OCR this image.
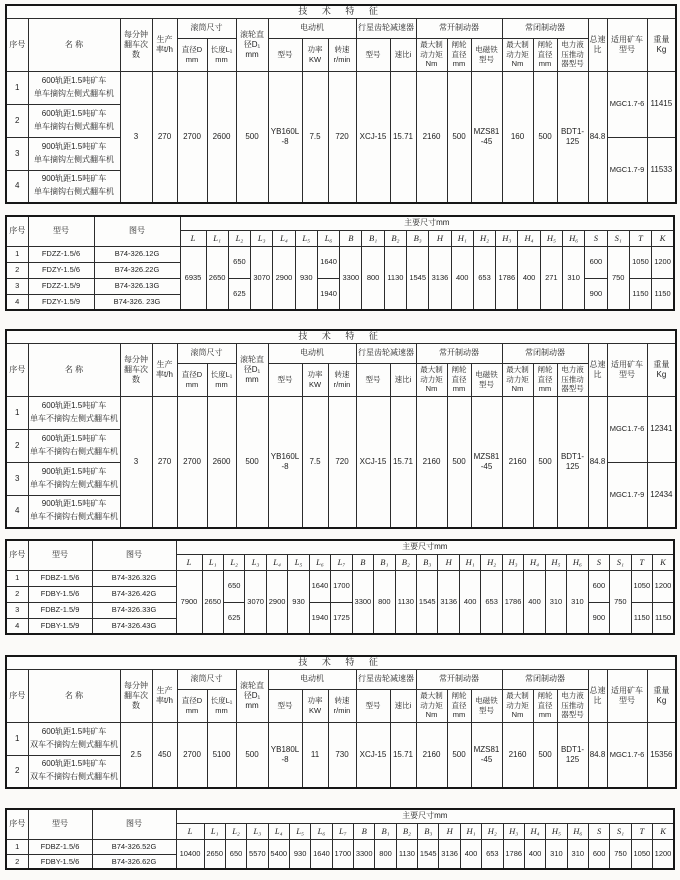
技 术 特 征																				
序号	名 称	每分钟翻车次数	生产率t/h	滚筒尺寸		滚轮直径D₁ mm	电动机			行星齿轮减速器		常开制动器			常闭制动器			总速比	适用矿车型号	重量Kg
				直径D mm	长度L₁ mm		型号	功率KW	转速r/min	型号	速比i	最大制动力矩Nm	闸轮直径mm	电磁铁型号	最大制动力矩Nm	闸轮直径mm	电力液压推动器型号			
1	600轨距1.5吨矿车
单车摘钩左侧式翻车机	3	270	2700	2600	500	YB160L-8	7.5	720	XCJ-15	15.71	2160	500	MZS81-45	160	500	BDT1-125	84.8	MGC1.7-6	11415
2	600轨距1.5吨矿车
单车摘钩右侧式翻车机																			

3	900轨距1.5吨矿车
单车摘钩左侧式翻车机																		MGC1.7-9	11533
4	900轨距1.5吨矿车
单车摘钩右侧式翻车机																			
序号	型号	图号	主要尺寸mm																					
			L	L₁	L₂	L₃	L₄	L₅	L₆	B	B₁	B₂	B₃	H	H₁	H₂	H₃	H₄	H₅	H₆	S	S₁	T	K
1	FDZZ-1.5/6	B74-326.12G	6935	2650	650	3070	2900	930	1640	3300	800	1130	1545	3136	400	653	1786	400	271	310	600	750	1050	1200
2	FDZY-1.5/6	B74-326.22G																						
3	FDZZ-1.5/9	B74-326.13G			625				1940												900		1150	1150
4	FDZY-1.5/9	B74-326. 23G																						
技 术 特 征																				
序号	名 称	每分钟翻车次数	生产率t/h	滚筒尺寸		滚轮直径D₁ mm	电动机			行星齿轮减速器		常开制动器			常闭制动器			总速比	适用矿车型号	重量Kg
				直径D mm	长度L₁ mm		型号	功率KW	转速r/min	型号	速比i	最大制动力矩Nm	闸轮直径mm	电磁铁型号	最大制动力矩Nm	闸轮直径mm	电力液压推动器型号			
1	600轨距1.5吨矿车
单车不摘钩左侧式翻车机	3	270	2700	2600	500	YB160L-8	7.5	720	XCJ-15	15.71	2160	500	MZS81-45	2160	500	BDT1-125	84.8	MGC1.7-6	12341
2	600轨距1.5吨矿车
单车不摘钩右侧式翻车机																			

3	900轨距1.5吨矿车
单车不摘钩左侧式翻车机																		MGC1.7-9	12434
4	900轨距1.5吨矿车
单车不摘钩右侧式翻车机																			
序号	型号	图号	主要尺寸mm																						
			L	L₁	L₂	L₃	L₄	L₅	L₆	L₇	B	B₁	B₂	B₃	H	H₁	H₂	H₃	H₄	H₅	H₆	S	S₁	T	K
1	FDBZ-1.5/6	B74-326.32G	7900	2650	650	3070	2900	930	1640	1700	3300	800	1130	1545	3136	400	653	1786	400	310	310	600	750	1050	1200
2	FDBY-1.5/6	B74-326.42G																							
3	FDBZ-1.5/9	B74-326.33G			625				1940	1725												900		1150	1150
4	FDBY-1.5/9	B74-326.43G																							
技 术 特 征																				
序号	名 称	每分钟翻车次数	生产率t/h	滚筒尺寸		滚轮直径D₁ mm	电动机			行星齿轮减速器		常开制动器			常闭制动器			总速比	适用矿车型号	重量Kg
				直径D mm	长度L₁ mm		型号	功率KW	转速r/min	型号	速比i	最大制动力矩Nm	闸轮直径mm	电磁铁型号	最大制动力矩Nm	闸轮直径mm	电力液压推动器型号			
1	600轨距1.5吨矿车
双车不摘钩左侧式翻车机	2.5	450	2700	5100	500	YB180L-8	11	730	XCJ-15	15.71	2160	500	MZS81-45	2160	500	BDT1-125	84.8	MGC1.7-6	15356
2	600轨距1.5吨矿车
双车不摘钩右侧式翻车机																			
序号	型号	图号	主要尺寸mm																						
			L	L₁	L₂	L₃	L₄	L₅	L₆	L₇	B	B₁	B₂	B₃	H	H₁	H₂	H₃	H₄	H₅	H₆	S	S₁	T	K
1	FDBZ-1.5/6	B74-326.52G	10400	2650	650	5570	5400	930	1640	1700	3300	800	1130	1545	3136	400	653	1786	400	310	310	600	750	1050	1200
2	FDBY-1.5/6	B74-326.62G																							
